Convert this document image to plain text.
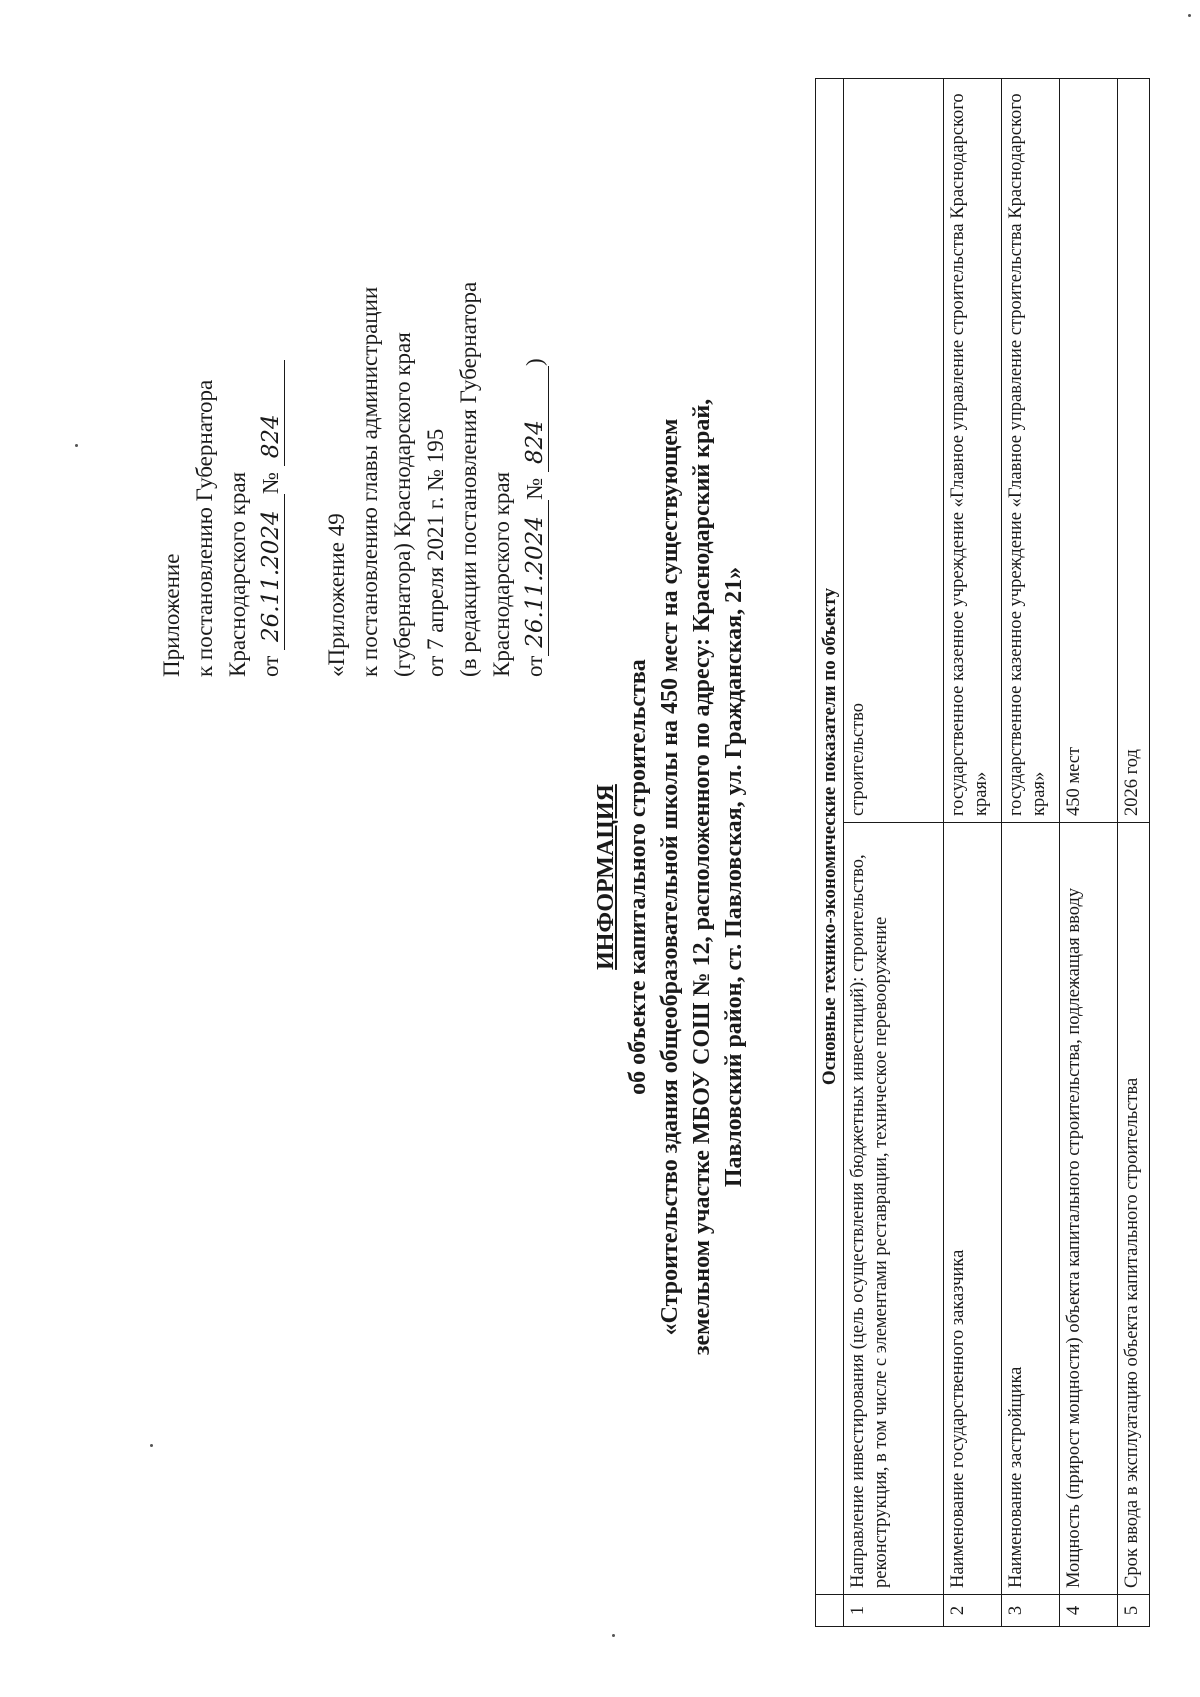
Приложение к постановлению Губернатора Краснодарского края от 26.11.2024№ 824

«Приложение 49 к постановлению главы администрации (губернатора) Краснодарского края от 7 апреля 2021 г. № 195 (в редакции постановления Губернатора Краснодарского края от26.11.2024№ 824)

ИНФОРМАЦИЯ об объекте капитального строительства «Строительство здания общеобразовательной школы на 450 мест на существующем земельном участке МБОУ СОШ № 12, расположенного по адресу: Краснодарский край, Павловский район, ст. Павловская, ул. Гражданская, 21»

		Основные технико-экономические показатели по объекту	
1	Направление инвестирования (цель осуществления бюджетных инвестиций): строительство, реконструкция, в том числе с элементами реставрации, техническое перевооружение	строительство
2	Наименование государственного заказчика	государственное казенное учреждение «Главное управление строительства Краснодарского края»
3	Наименование застройщика	государственное казенное учреждение «Главное управление строительства Краснодарского края»
4	Мощность (прирост мощности) объекта капитального строительства, подлежащая вводу	450 мест
5	Срок ввода в эксплуатацию объекта капитального строительства	2026 год
